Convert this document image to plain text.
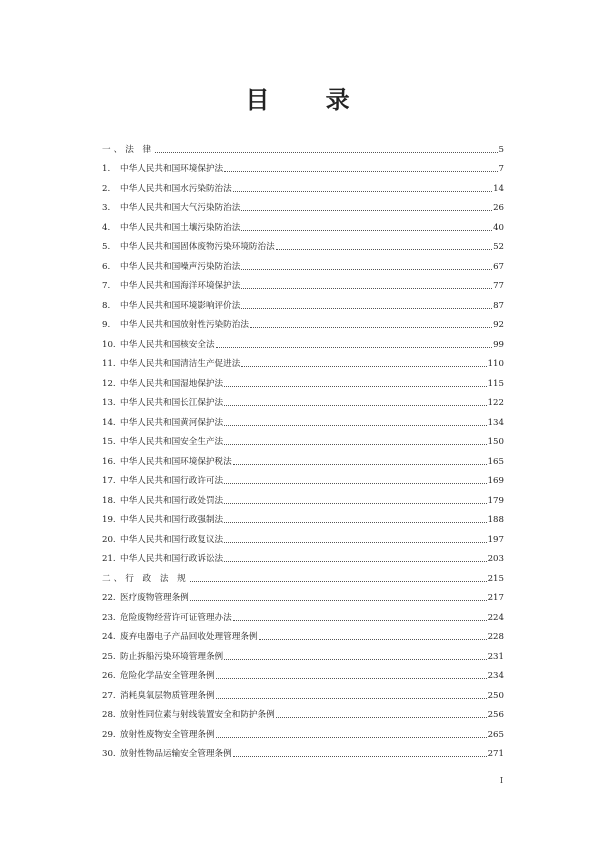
目 录
一、法 律	5
1.	中华人民共和国环境保护法	7
2.	中华人民共和国水污染防治法	14
3.	中华人民共和国大气污染防治法	26
4.	中华人民共和国土壤污染防治法	40
5.	中华人民共和国固体废物污染环境防治法	52
6.	中华人民共和国噪声污染防治法	67
7.	中华人民共和国海洋环境保护法	77
8.	中华人民共和国环境影响评价法	87
9.	中华人民共和国放射性污染防治法	92
10. 中华人民共和国核安全法	99
11. 中华人民共和国清洁生产促进法	110
12. 中华人民共和国湿地保护法	115
13. 中华人民共和国长江保护法	122
14. 中华人民共和国黄河保护法	134
15. 中华人民共和国安全生产法	150
16. 中华人民共和国环境保护税法	165
17. 中华人民共和国行政许可法	169
18. 中华人民共和国行政处罚法	179
19. 中华人民共和国行政强制法	188
20. 中华人民共和国行政复议法	197
21. 中华人民共和国行政诉讼法	203
二、行 政 法 规	215
22. 医疗废物管理条例	217
23. 危险废物经营许可证管理办法	224
24. 废弃电器电子产品回收处理管理条例	228
25. 防止拆船污染环境管理条例	231
26. 危险化学品安全管理条例	234
27. 消耗臭氧层物质管理条例	250
28. 放射性同位素与射线装置安全和防护条例	256
29. 放射性废物安全管理条例	265
30. 放射性物品运输安全管理条例	271
I
